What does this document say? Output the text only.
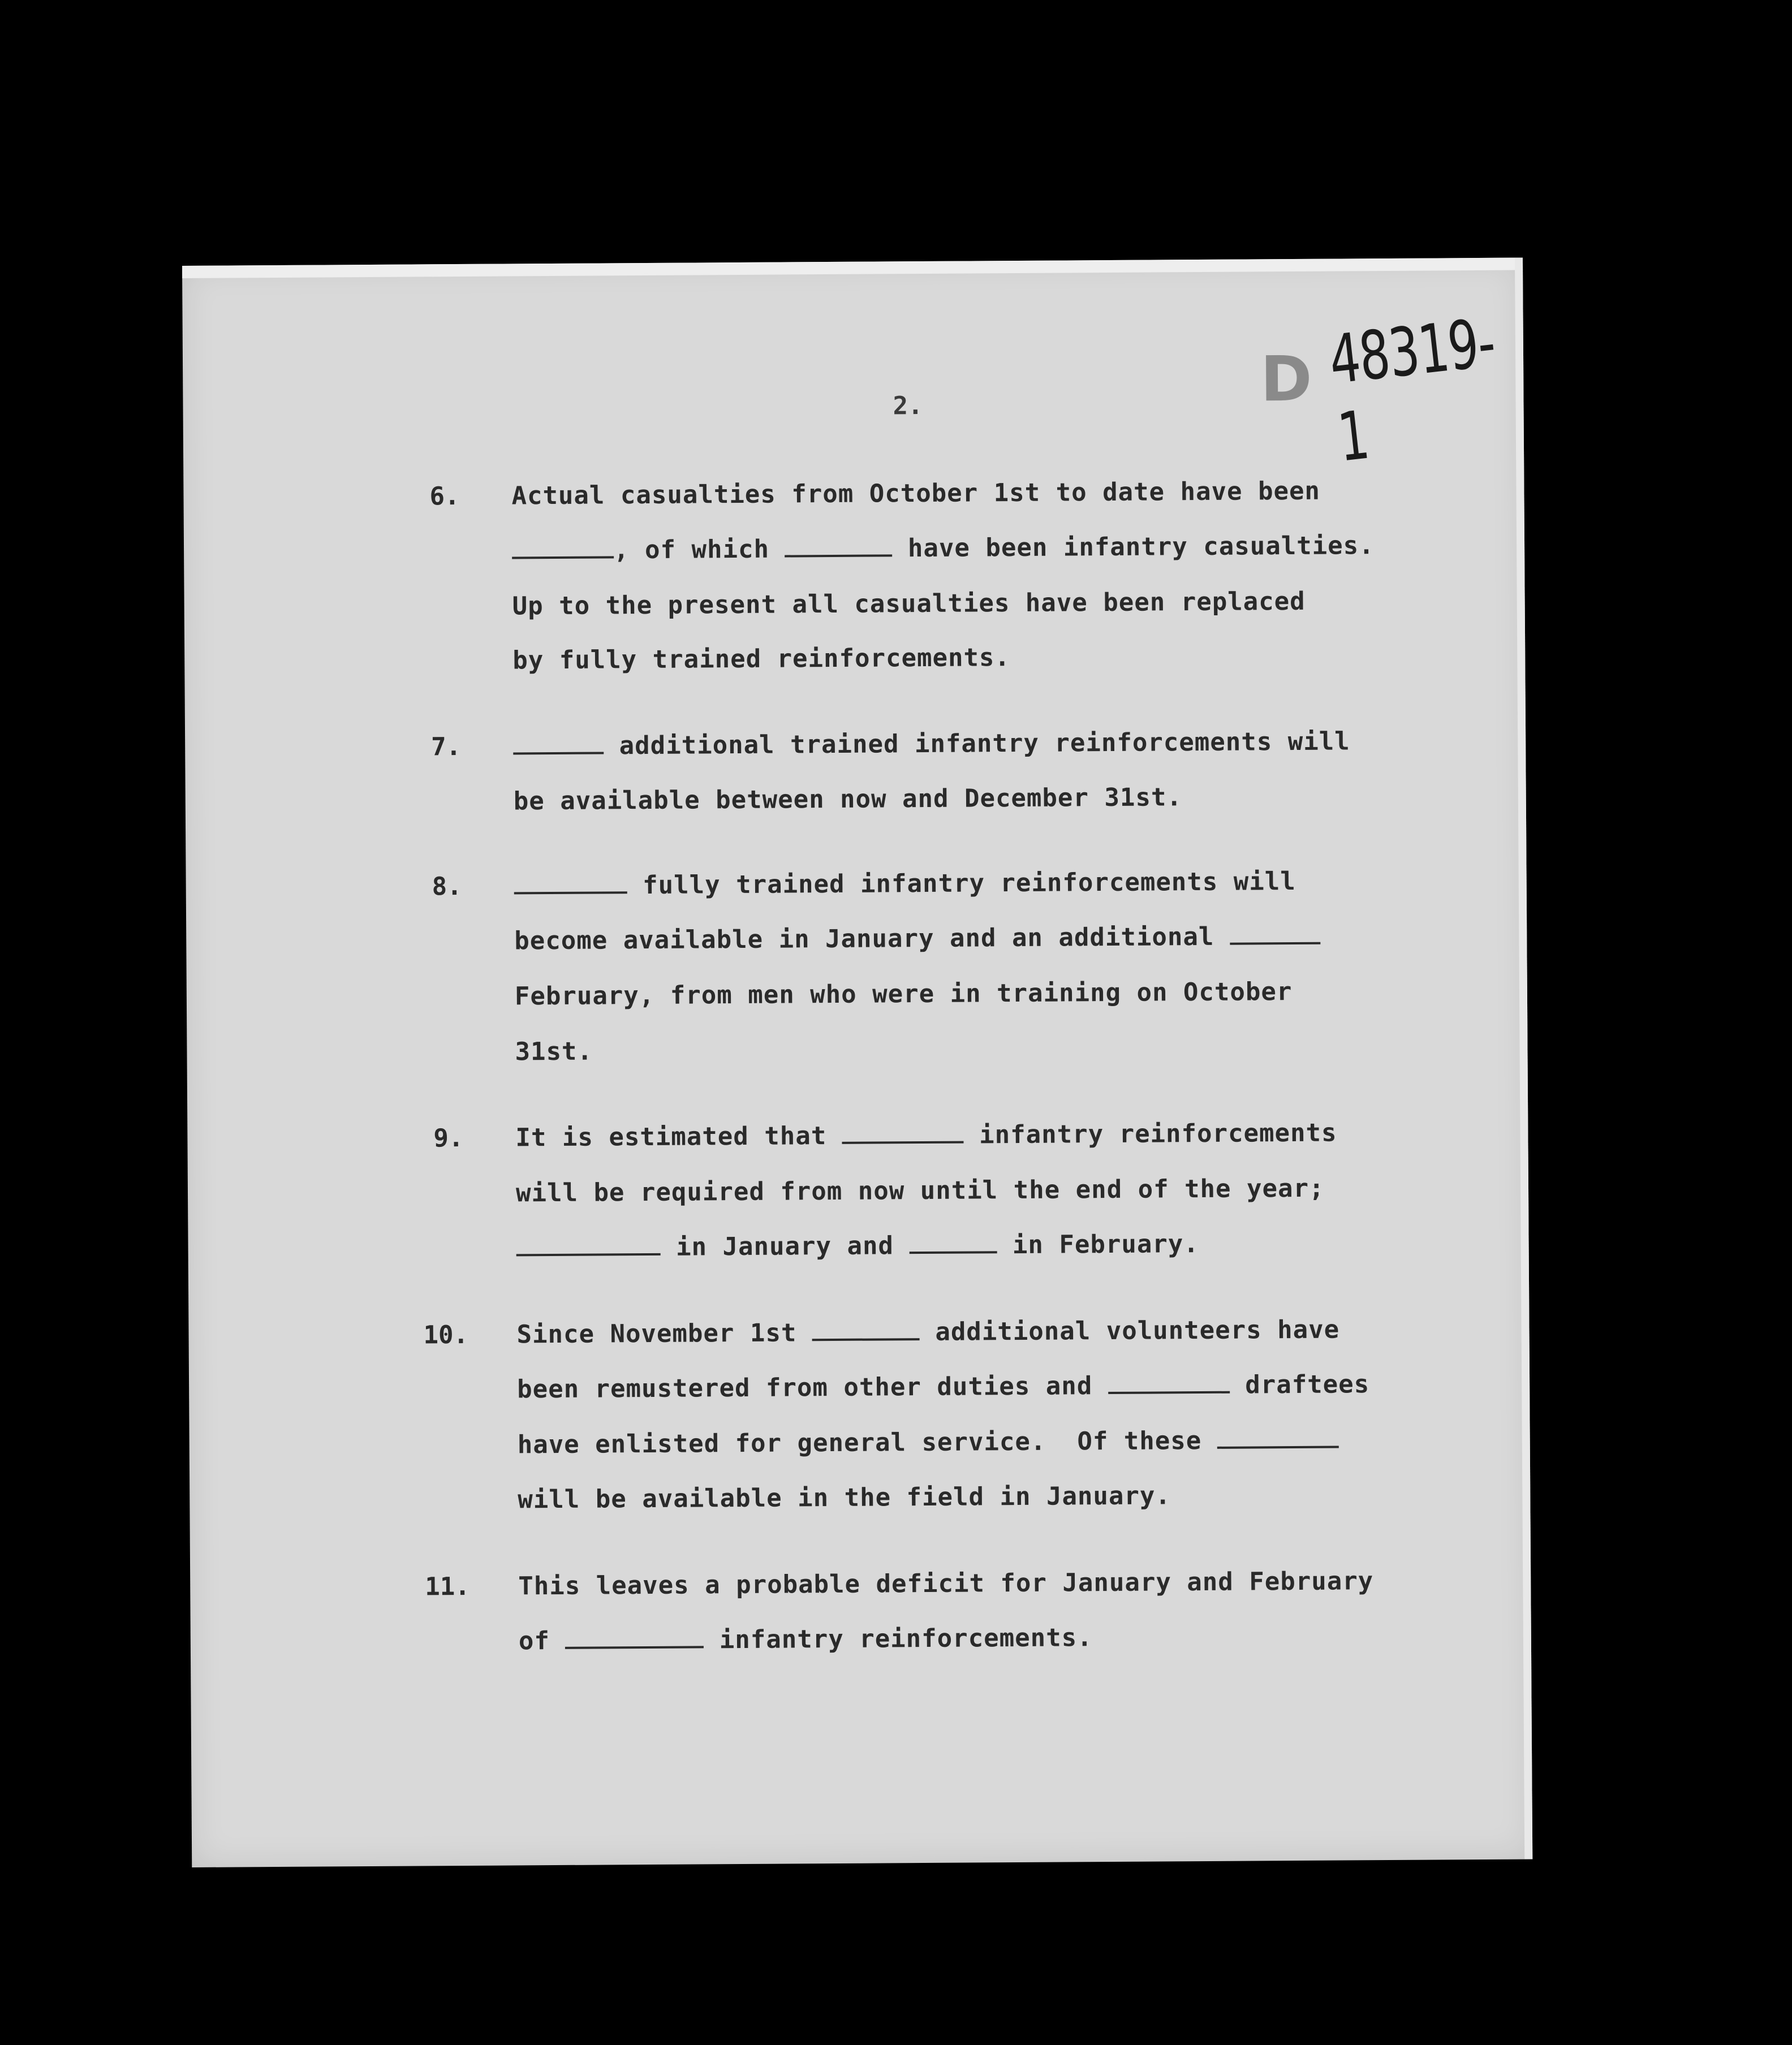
D 48319-1
2.
6. Actual casualties from October 1st to date have been
, of which	have been infantry casualties.
Up to the present all casualties have been replaced
by fully trained reinforcements.
7.	additional trained infantry reinforcements will
be available between now and December 31st.
8.	fully trained infantry reinforcements will
become available in January and an additional
February, from men who were in training on October
31st.
9. It is estimated that	infantry reinforcements
will be required from now until the end of the year;
in January and	in February.
10. Since November 1st	additional volunteers have
been remustered from other duties and	draftees
have enlisted for general service.  Of these
will be available in the field in January.
11. This leaves a probable deficit for January and February
of	infantry reinforcements.
